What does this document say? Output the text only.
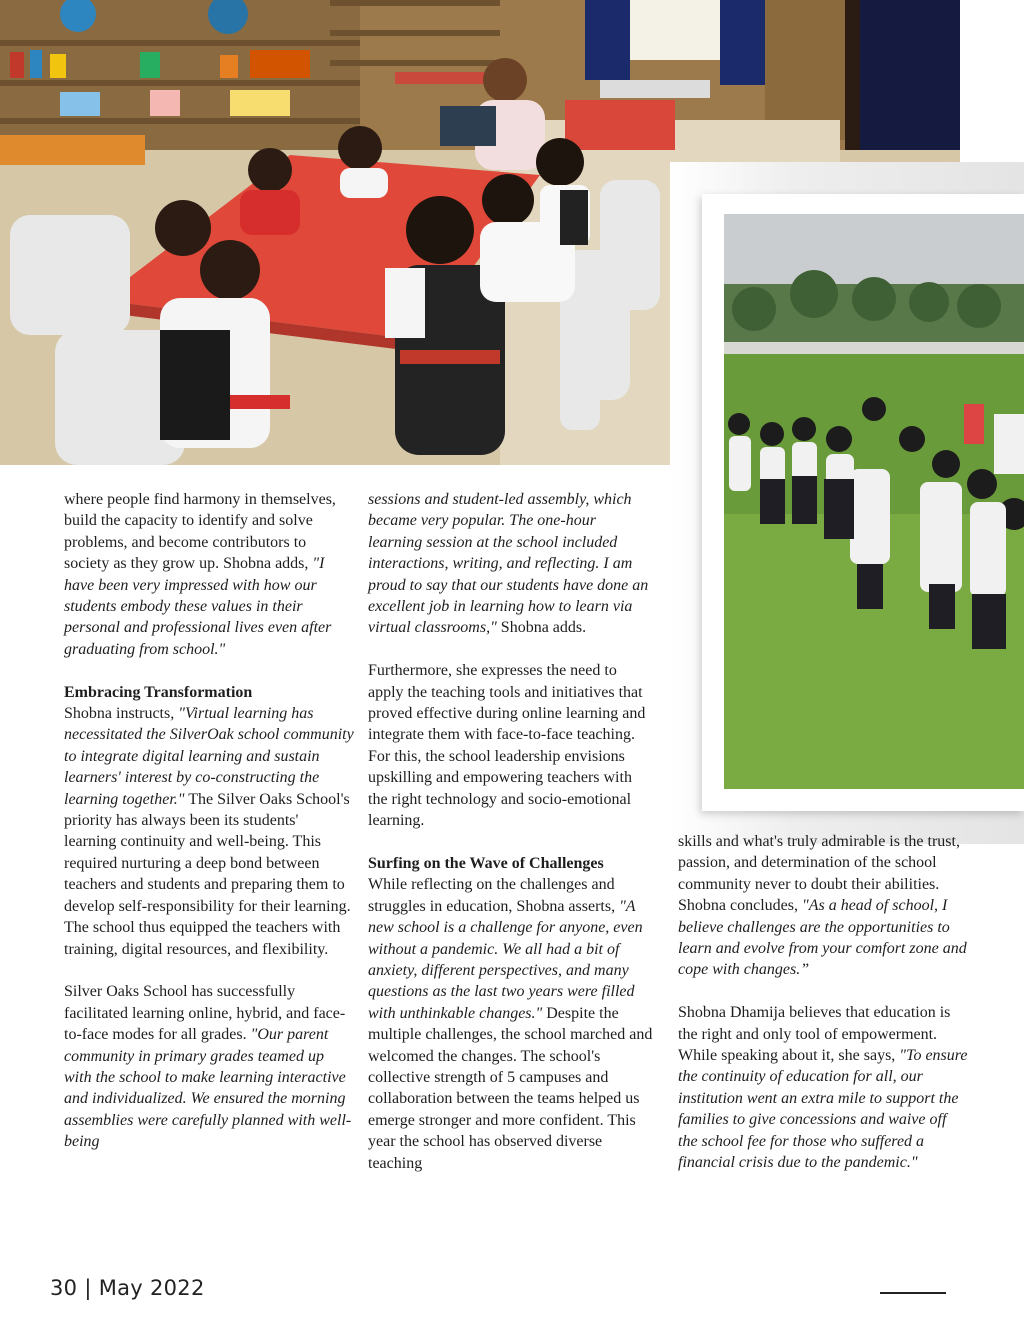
where people find harmony in themselves, build the capacity to identify and solve problems, and become contributors to society as they grow up. Shobna adds, "I have been very impressed with how our students embody these values in their personal and professional lives even after graduating from school."

Embracing Transformation
Shobna instructs, "Virtual learning has necessitated the SilverOak school community to integrate digital learning and sustain learners' interest by co-constructing the learning together." The Silver Oaks School's priority has always been its students' learning continuity and well-being. This required nurturing a deep bond between teachers and students and preparing them to develop self-responsibility for their learning. The school thus equipped the teachers with training, digital resources, and flexibility.

Silver Oaks School has successfully facilitated learning online, hybrid, and face-to-face modes for all grades. "Our parent community in primary grades teamed up with the school to make learning interactive and individualized. We ensured the morning assemblies were carefully planned with well-being

sessions and student-led assembly, which became very popular. The one-hour learning session at the school included interactions, writing, and reflecting. I am proud to say that our students have done an excellent job in learning how to learn via virtual classrooms," Shobna adds.

Furthermore, she expresses the need to apply the teaching tools and initiatives that proved effective during online learning and integrate them with face-to-face teaching. For this, the school leadership envisions upskilling and empowering teachers with the right technology and socio-emotional learning.

Surfing on the Wave of Challenges
While reflecting on the challenges and struggles in education, Shobna asserts, "A new school is a challenge for anyone, even without a pandemic. We all had a bit of anxiety, different perspectives, and many questions as the last two years were filled with unthinkable changes." Despite the multiple challenges, the school marched and welcomed the changes. The school's collective strength of 5 campuses and collaboration between the teams helped us emerge stronger and more confident. This year the school has observed diverse teaching

skills and what's truly admirable is the trust, passion, and determination of the school community never to doubt their abilities. Shobna concludes, "As a head of school, I believe challenges are the opportunities to learn and evolve from your comfort zone and cope with changes.”

Shobna Dhamija believes that education is the right and only tool of empowerment. While speaking about it, she says, "To ensure the continuity of education for all, our institution went an extra mile to support the families to give concessions and waive off the school fee for those who suffered a financial crisis due to the pandemic."

30 | May 2022
